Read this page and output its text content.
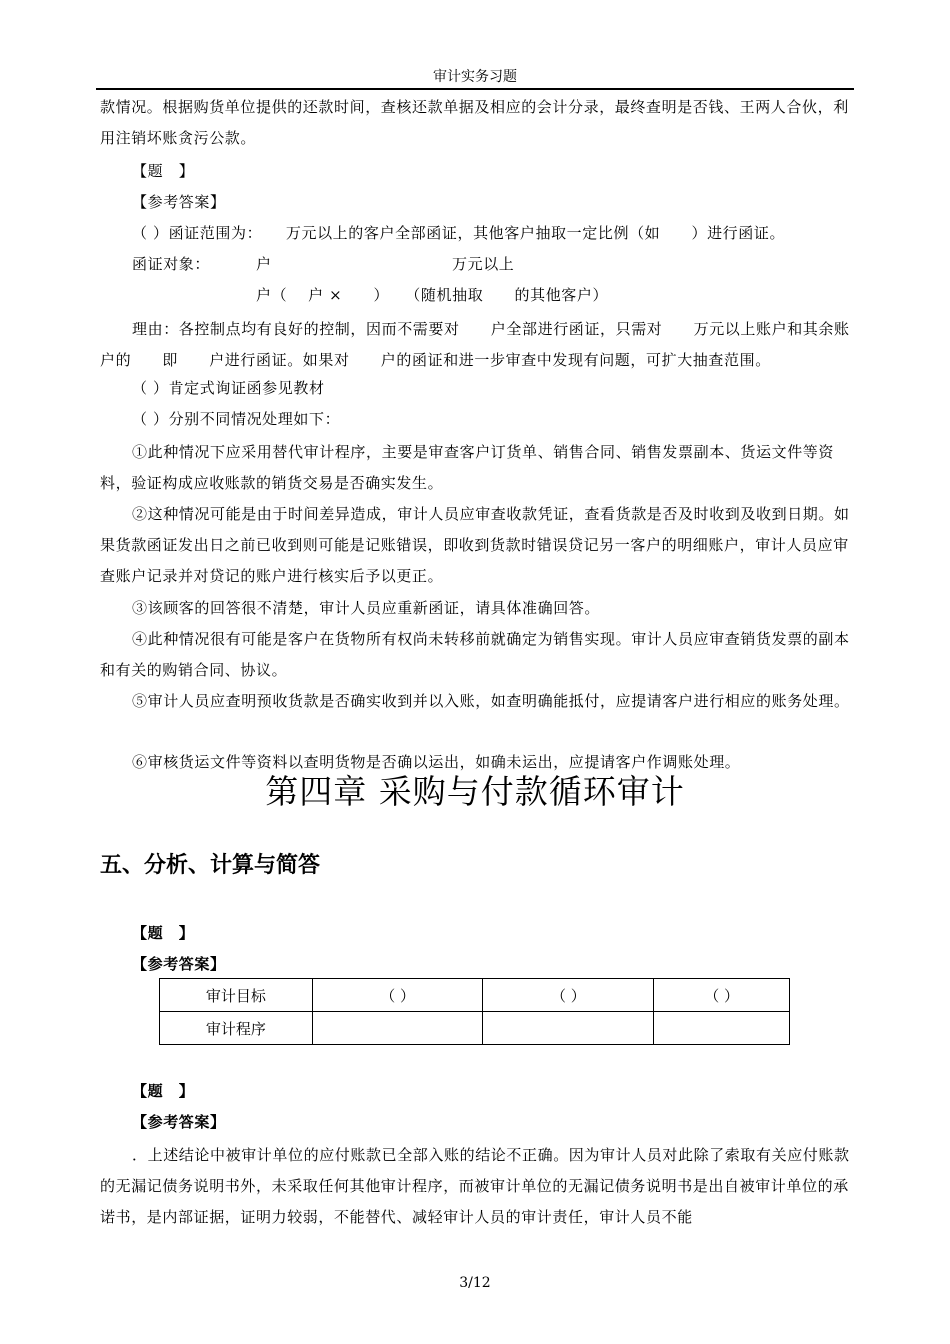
审计实务习题
款情况。根据购货单位提供的还款时间，查核还款单据及相应的会计分录，最终查明是否钱、王两人合伙，利用注销坏账贪污公款。
【题　】
【参考答案】
（ ）函证范围为：　　万元以上的客户全部函证，其他客户抽取一定比例（如　　）进行函证。
函证对象：	户	万元以上
户（　 户 ×　　）　　（随机抽取　　的其他客户）
理由：各控制点均有良好的控制，因而不需要对　　户全部进行函证，只需对　　万元以上账户和其余账户的　　即　　户进行函证。如果对　　户的函证和进一步审查中发现有问题，可扩大抽查范围。
（ ）肯定式询证函参见教材
（ ）分别不同情况处理如下：
①此种情况下应采用替代审计程序，主要是审查客户订货单、销售合同、销售发票副本、货运文件等资料，验证构成应收账款的销货交易是否确实发生。
②这种情况可能是由于时间差异造成，审计人员应审查收款凭证，查看货款是否及时收到及收到日期。如果货款函证发出日之前已收到则可能是记账错误，即收到货款时错误贷记另一客户的明细账户，审计人员应审查账户记录并对贷记的账户进行核实后予以更正。
③该顾客的回答很不清楚，审计人员应重新函证，请具体准确回答。
④此种情况很有可能是客户在货物所有权尚未转移前就确定为销售实现。审计人员应审查销货发票的副本和有关的购销合同、协议。
⑤审计人员应查明预收货款是否确实收到并以入账，如查明确能抵付，应提请客户进行相应的账务处理。
⑥审核货运文件等资料以查明货物是否确以运出，如确未运出，应提请客户作调账处理。
第四章 采购与付款循环审计
五、分析、计算与简答
【题　】
【参考答案】
审计目标	（ ）	（ ）	（ ）
审计程序			
【题　】
【参考答案】
．上述结论中被审计单位的应付账款已全部入账的结论不正确。因为审计人员对此除了索取有关应付账款的无漏记债务说明书外，未采取任何其他审计程序，而被审计单位的无漏记债务说明书是出自被审计单位的承诺书，是内部证据，证明力较弱，不能替代、减轻审计人员的审计责任，审计人员不能
3/12
